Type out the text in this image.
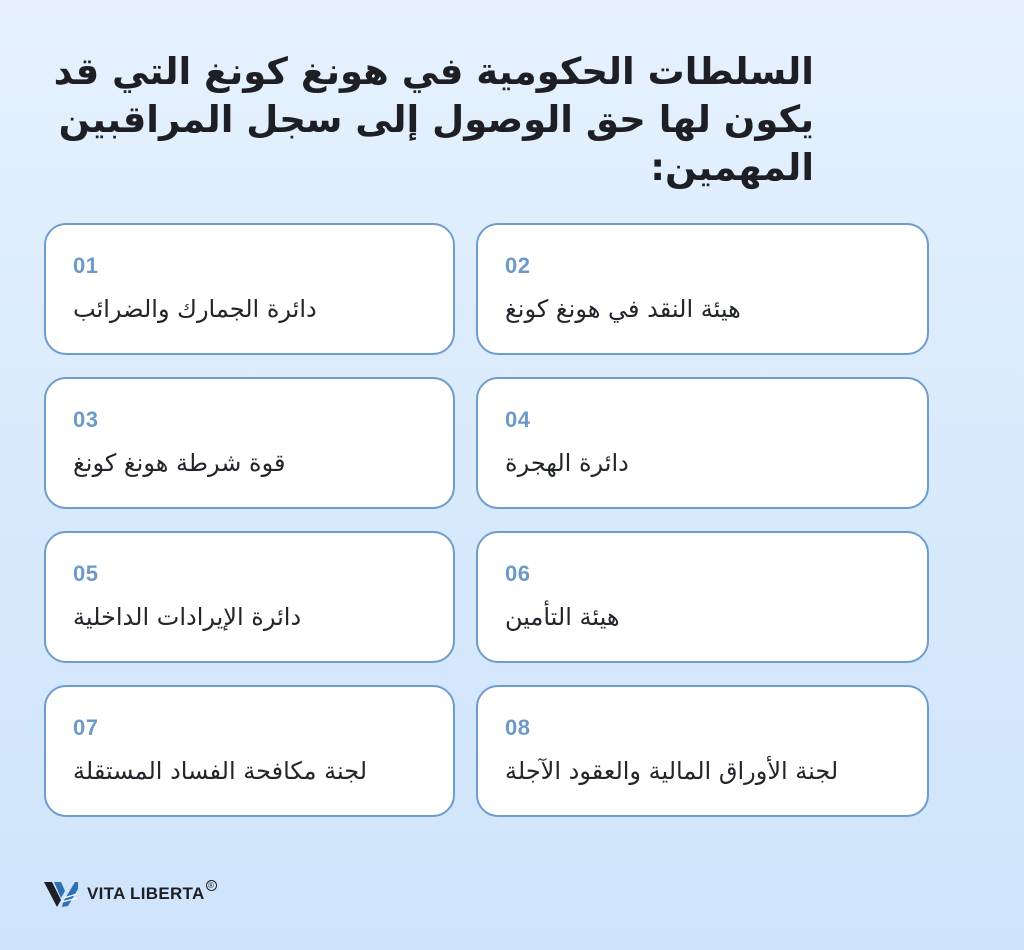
السلطات الحكومية في هونغ كونغ التي قد يكون لها حق الوصول إلى سجل المراقبين المهمين:
01
دائرة الجمارك والضرائب
02
هيئة النقد في هونغ كونغ
03
قوة شرطة هونغ كونغ
04
دائرة الهجرة
05
دائرة الإيرادات الداخلية
06
هيئة التأمين
07
لجنة مكافحة الفساد المستقلة
08
لجنة الأوراق المالية والعقود الآجلة
VITA LIBERTA ®
